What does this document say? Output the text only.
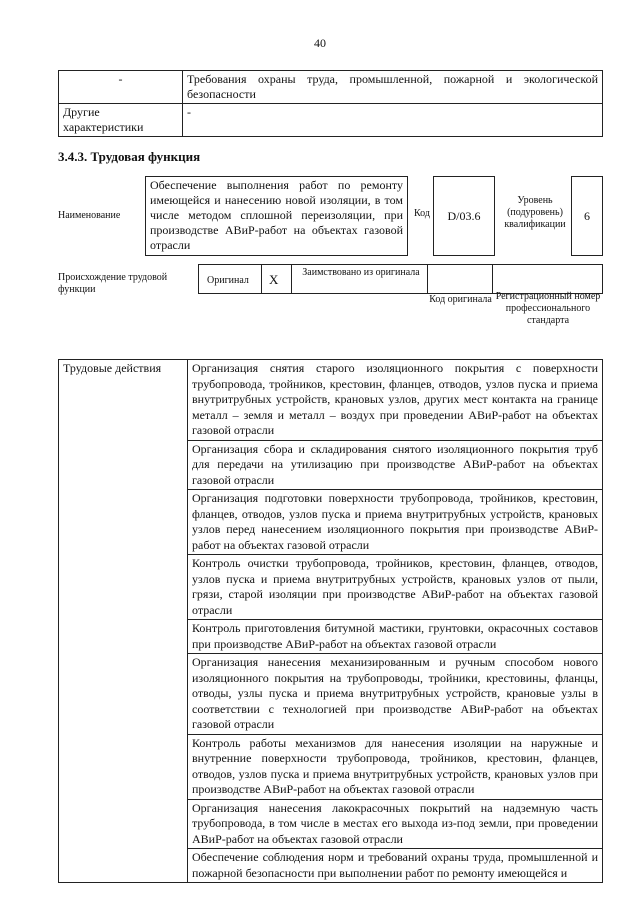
40
-	Требования охраны труда, промышленной, пожарной и экологической безопасности
Другие характеристики	-
3.4.3. Трудовая функция
Наименование
Обеспечение выполнения работ по ремонту имеющейся и нанесению новой изоляции, в том числе методом сплошной переизоляции, при производстве АВиР-работ на объектах газовой отрасли
Код	D/03.6
Уровень (подуровень) квалификации
6
Происхождение трудовой функции
Оригинал X	Заимствовано из оригинала
Код оригинала Регистрационный номер профессионального стандарта
Трудовые действия	Организация снятия старого изоляционного покрытия с поверхности трубопровода, тройников, крестовин, фланцев, отводов, узлов пуска и приема внутритрубных устройств, крановых узлов, других мест контакта на границе металл – земля и металл – воздух при проведении АВиР-работ на объектах газовой отрасли
Организация сбора и складирования снятого изоляционного покрытия труб для передачи на утилизацию при производстве АВиР-работ на объектах газовой отрасли
Организация подготовки поверхности трубопровода, тройников, крестовин, фланцев, отводов, узлов пуска и приема внутритрубных устройств, крановых узлов перед нанесением изоляционного покрытия при производстве АВиР-работ на объектах газовой отрасли
Контроль очистки трубопровода, тройников, крестовин, фланцев, отводов, узлов пуска и приема внутритрубных устройств, крановых узлов от пыли, грязи, старой изоляции при производстве АВиР-работ на объектах газовой отрасли
Контроль приготовления битумной мастики, грунтовки, окрасочных составов при производстве АВиР-работ на объектах газовой отрасли
Организация нанесения механизированным и ручным способом нового изоляционного покрытия на трубопроводы, тройники, крестовины, фланцы, отводы, узлы пуска и приема внутритрубных устройств, крановые узлы в соответствии с технологией при производстве АВиР-работ на объектах газовой отрасли
Контроль работы механизмов для нанесения изоляции на наружные и внутренние поверхности трубопровода, тройников, крестовин, фланцев, отводов, узлов пуска и приема внутритрубных устройств, крановых узлов при производстве АВиР-работ на объектах газовой отрасли
Организация нанесения лакокрасочных покрытий на надземную часть трубопровода, в том числе в местах его выхода из-под земли, при проведении АВиР-работ на объектах газовой отрасли
Обеспечение соблюдения норм и требований охраны труда, промышленной и пожарной безопасности при выполнении работ по ремонту имеющейся и
